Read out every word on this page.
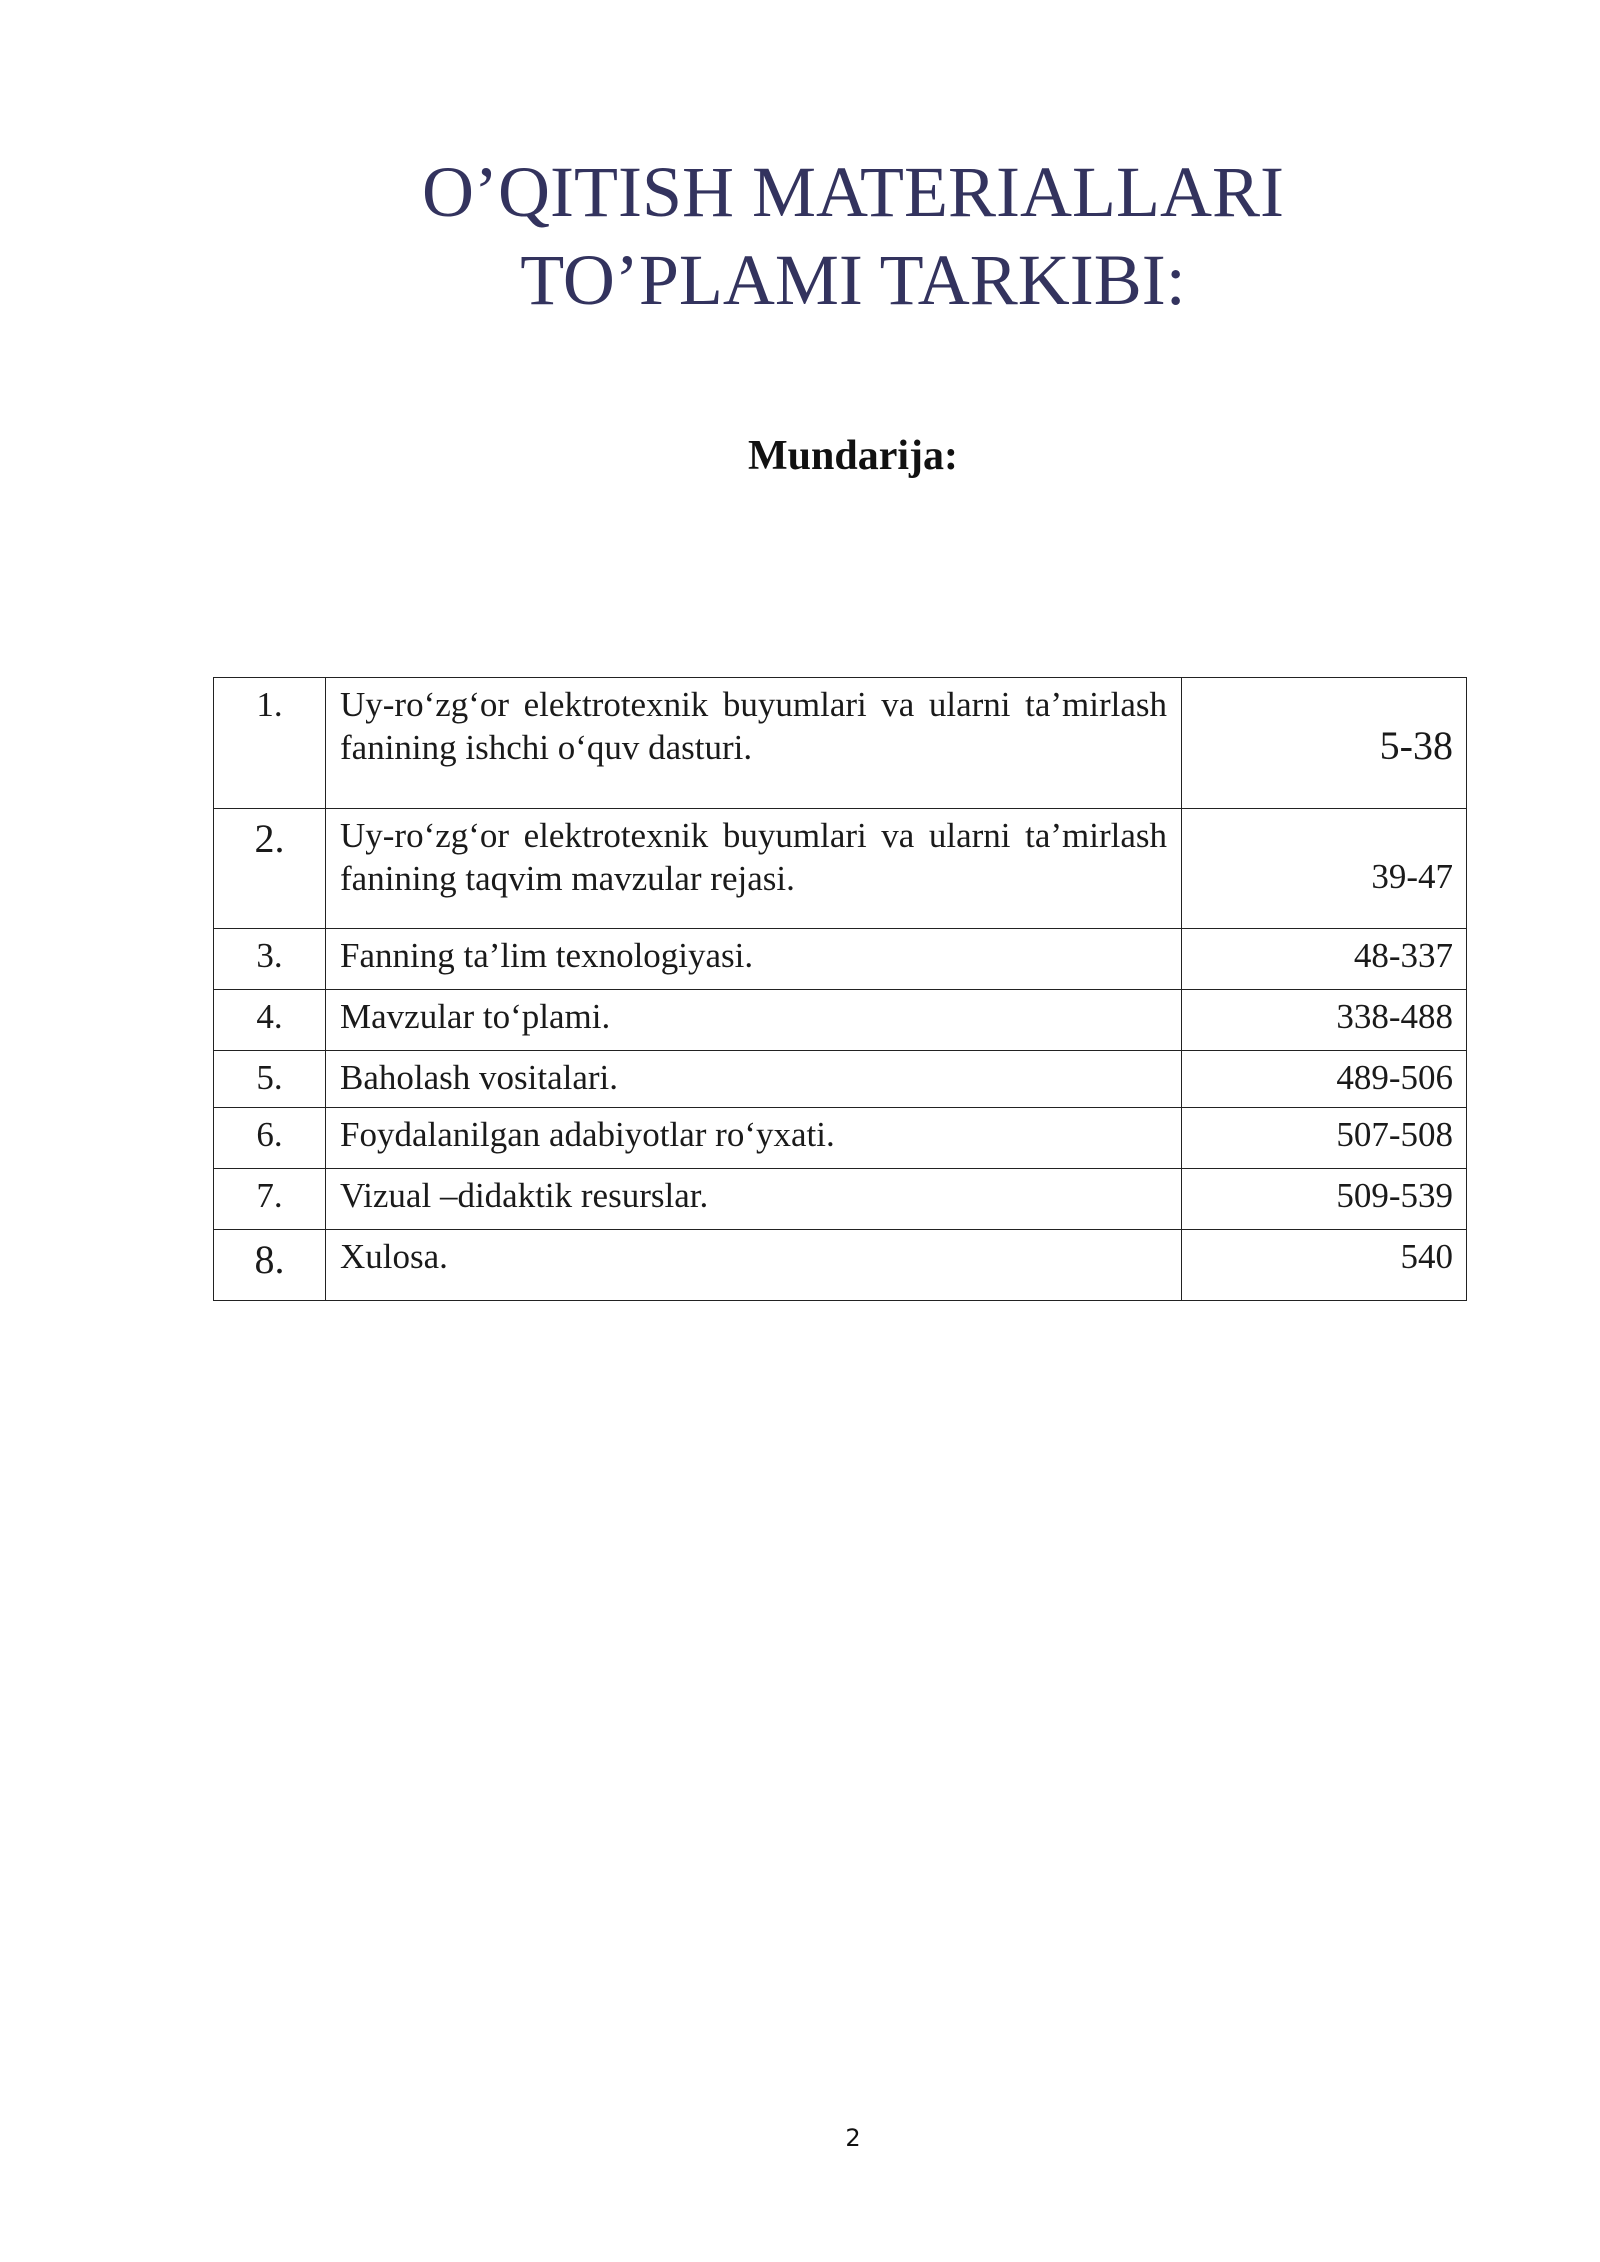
O’QITISH MATERIALLARI
TO’PLAMI TARKIBI:
Mundarija:
1.	Uy-ro‘zg‘or elektrotexnik buyumlari va ularni ta’mirlash fanining ishchi o‘quv dasturi.	5-38
2.	Uy-ro‘zg‘or elektrotexnik buyumlari va ularni ta’mirlash fanining taqvim mavzular rejasi.	39-47
3.	Fanning ta’lim texnologiyasi.	48-337
4.	Mavzular to‘plami.	338-488
5.	Baholash vositalari.	489-506
6.	Foydalanilgan adabiyotlar ro‘yxati.	507-508
7.	Vizual –didaktik resurslar.	509-539
8.	Xulosa.	540
2
